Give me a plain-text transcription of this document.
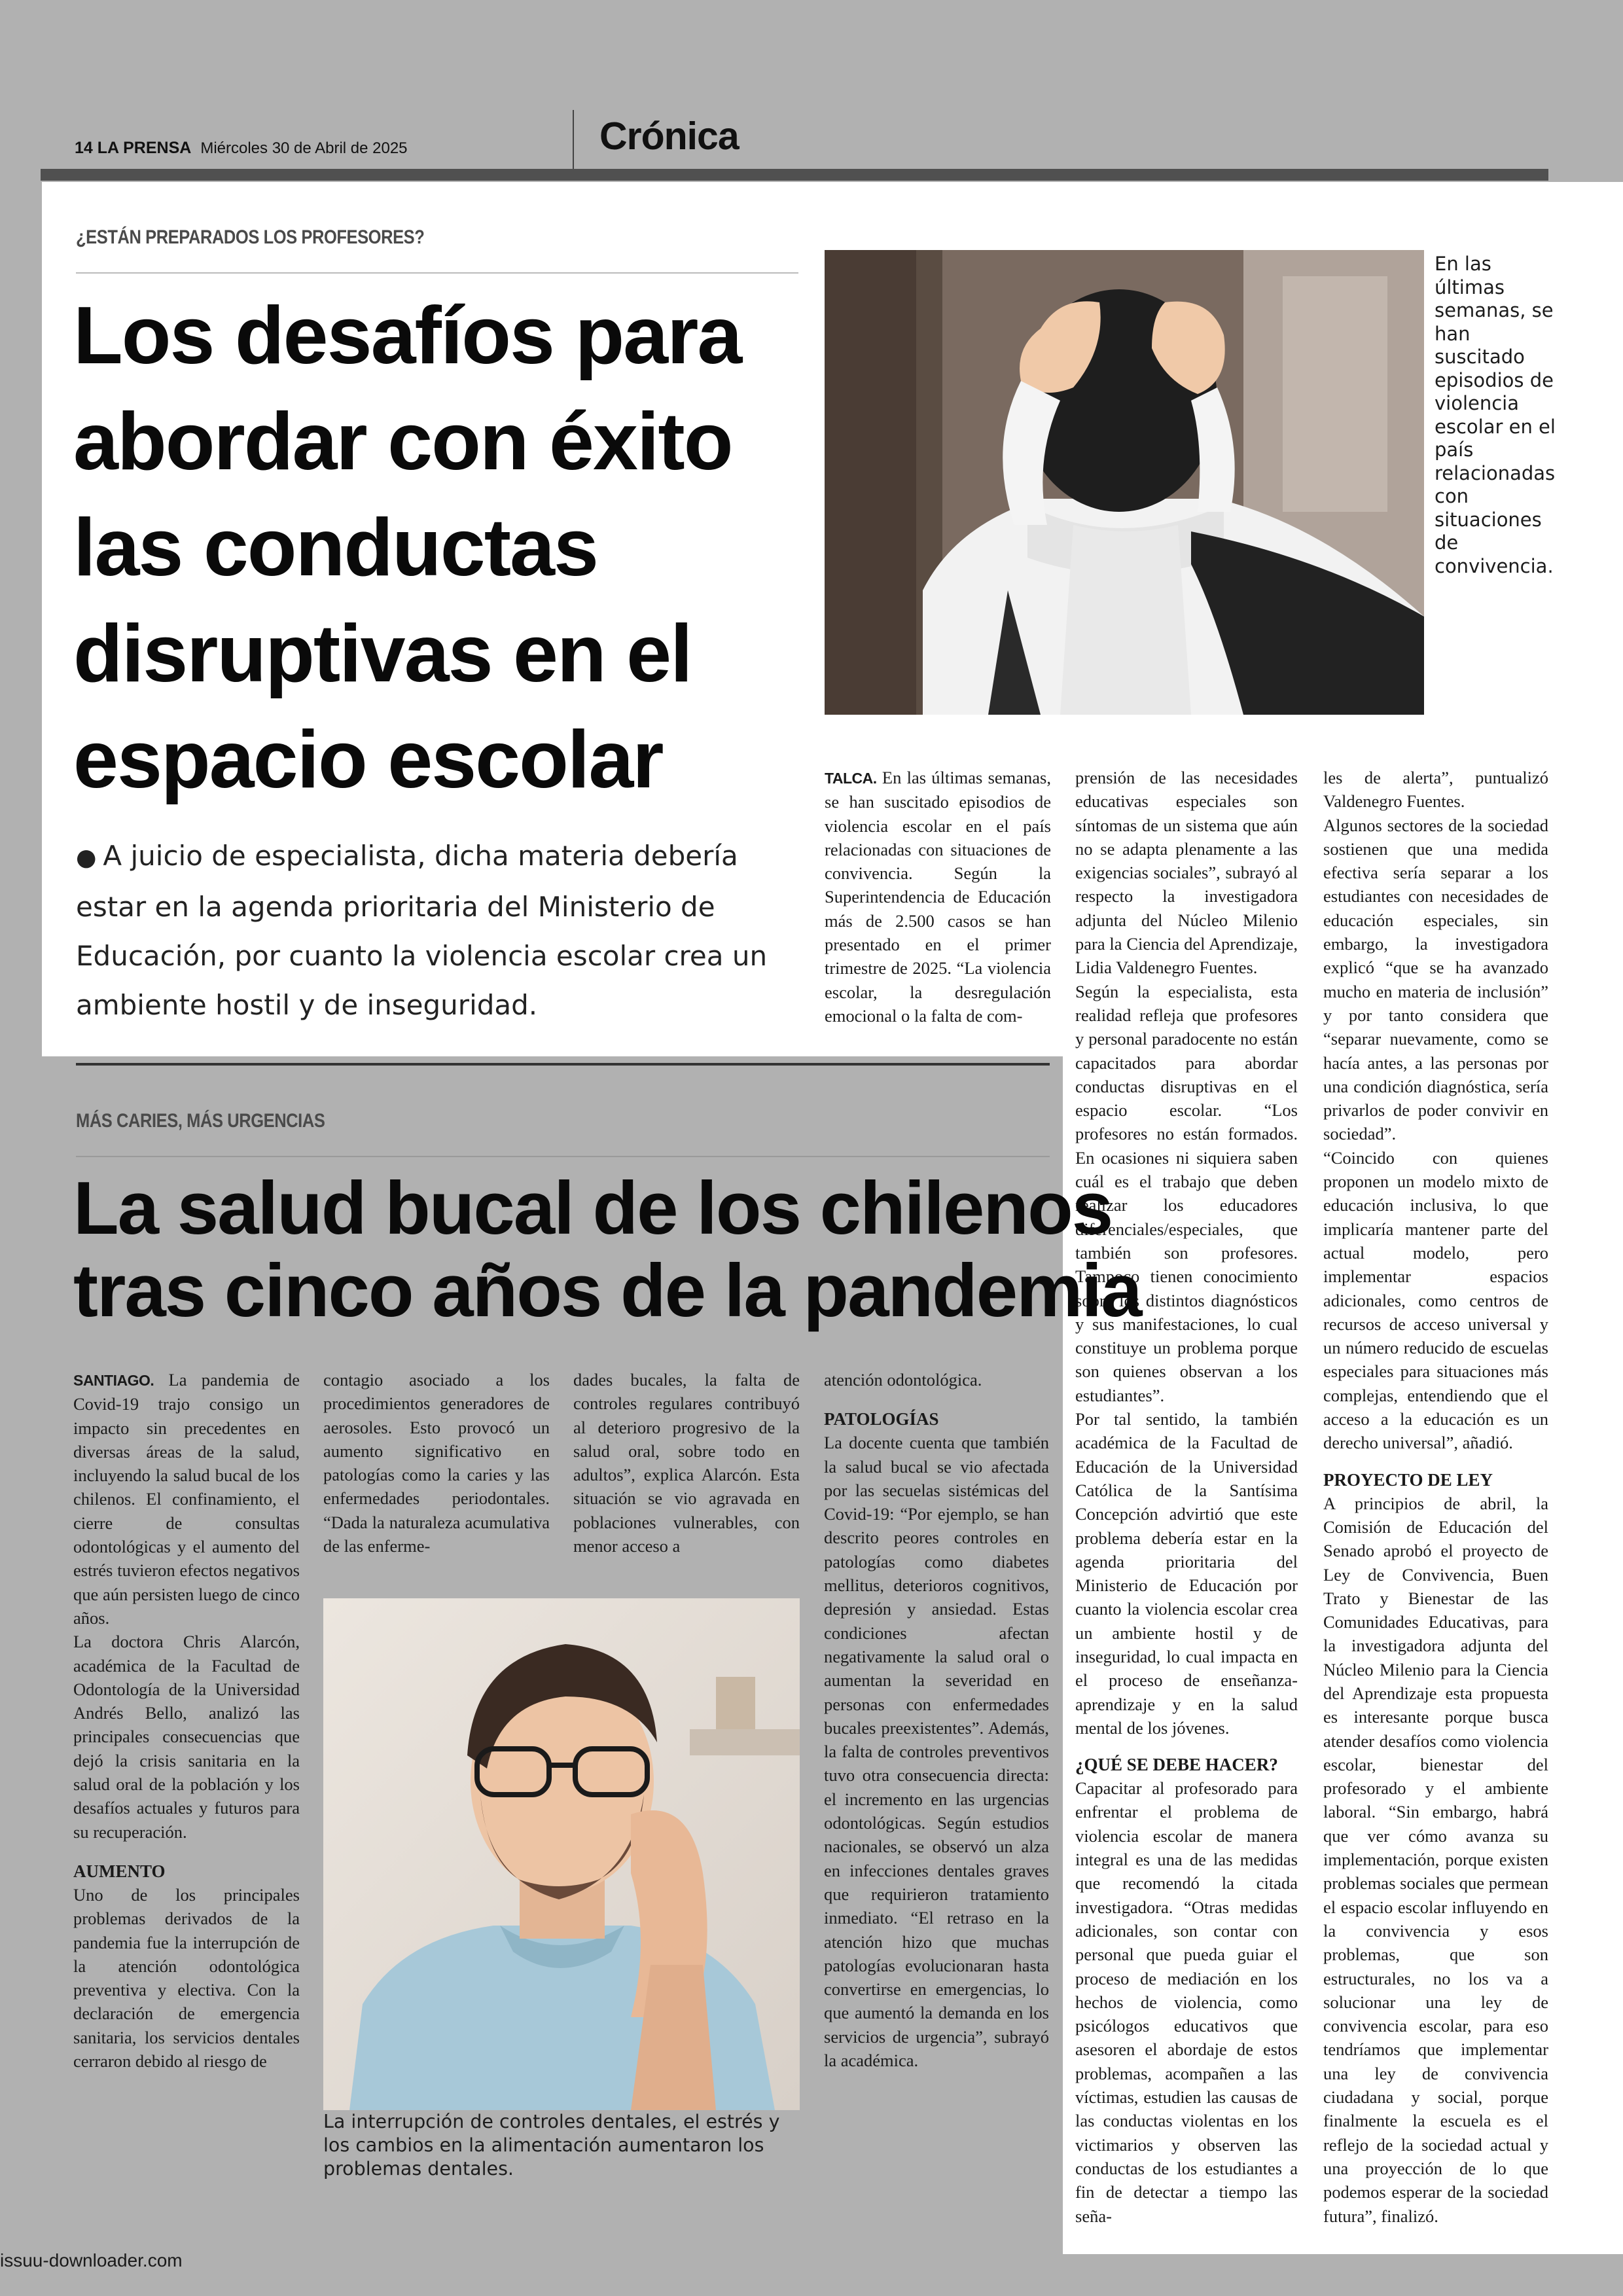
14 LA PRENSA Miércoles 30 de Abril de 2025	Crónica
¿ESTÁN PREPARADOS LOS PROFESORES?
Los desafíos para
abordar con éxito
las conductas
disruptivas en el
espacio escolar
● A juicio de especialista, dicha materia debería estar en la agenda prioritaria del Ministerio de Educación, por cuanto la violencia escolar crea un ambiente hostil y de inseguridad.
En las últimas semanas, se han suscitado episodios de violencia escolar en el país relacionadas con situaciones de convivencia.

TALCA. En las últimas semanas, se han suscitado episodios de violencia escolar en el país relacionadas con situaciones de convivencia. Según la Superintendencia de Educación más de 2.500 casos se han presentado en el primer trimestre de 2025. “La violencia escolar, la desregulación emocional o la falta de com-

prensión de las necesidades educativas especiales son síntomas de un sistema que aún no se adapta plenamente a las exigencias sociales”, subrayó al respecto la investigadora adjunta del Núcleo Milenio para la Ciencia del Aprendizaje, Lidia Valdenegro Fuentes.

Según la especialista, esta realidad refleja que profesores y personal paradocente no están capacitados para abordar conductas disruptivas en el espacio escolar. “Los profesores no están formados. En ocasiones ni siquiera saben cuál es el trabajo que deben realizar los educadores diferenciales/especiales, que también son profesores. Tampoco tienen conocimiento sobre los distintos diagnósticos y sus manifestaciones, lo cual constituye un problema porque son quienes observan a los estudiantes”.

Por tal sentido, la también académica de la Facultad de Educación de la Universidad Católica de la Santísima Concepción advirtió que este problema debería estar en la agenda prioritaria del Ministerio de Educación por cuanto la violencia escolar crea un ambiente hostil y de inseguridad, lo cual impacta en el proceso de enseñanza-aprendizaje y en la salud mental de los jóvenes.

¿QUÉ SE DEBE HACER?

Capacitar al profesorado para enfrentar el problema de violencia escolar de manera integral es una de las medidas que recomendó la citada investigadora. “Otras medidas adicionales, son contar con personal que pueda guiar el proceso de mediación en los hechos de violencia, como psicólogos educativos que asesoren el abordaje de estos problemas, acompañen a las víctimas, estudien las causas de las conductas violentas en los victimarios y observen las conductas de los estudiantes a fin de detectar a tiempo las seña-

les de alerta”, puntualizó Valdenegro Fuentes.

Algunos sectores de la sociedad sostienen que una medida efectiva sería separar a los estudiantes con necesidades de educación especiales, sin embargo, la investigadora explicó “que se ha avanzado mucho en materia de inclusión” y por tanto considera que “separar nuevamente, como se hacía antes, a las personas por una condición diagnóstica, sería privarlos de poder convivir en sociedad”.

“Coincido con quienes proponen un modelo mixto de educación inclusiva, lo que implicaría mantener parte del actual modelo, pero implementar espacios adicionales, como centros de recursos de acceso universal y un número reducido de escuelas especiales para situaciones más complejas, entendiendo que el acceso a la educación es un derecho universal”, añadió.

PROYECTO DE LEY

A principios de abril, la Comisión de Educación del Senado aprobó el proyecto de Ley de Convivencia, Buen Trato y Bienestar de las Comunidades Educativas, para la investigadora adjunta del Núcleo Milenio para la Ciencia del Aprendizaje esta propuesta es interesante porque busca atender desafíos como violencia escolar, bienestar del profesorado y el ambiente laboral. “Sin embargo, habrá que ver cómo avanza su implementación, porque existen problemas sociales que permean el espacio escolar influyendo en la convivencia y esos problemas, que son estructurales, no los va a solucionar una ley de convivencia escolar, para eso tendríamos que implementar una ley de convivencia ciudadana y social, porque finalmente la escuela es el reflejo de la sociedad actual y una proyección de lo que podemos esperar de la sociedad futura”, finalizó.

MÁS CARIES, MÁS URGENCIAS
La salud bucal de los chilenos
tras cinco años de la pandemia

SANTIAGO. La pandemia de Covid-19 trajo consigo un impacto sin precedentes en diversas áreas de la salud, incluyendo la salud bucal de los chilenos. El confinamiento, el cierre de consultas odontológicas y el aumento del estrés tuvieron efectos negativos que aún persisten luego de cinco años.

La doctora Chris Alarcón, académica de la Facultad de Odontología de la Universidad Andrés Bello, analizó las principales consecuencias que dejó la crisis sanitaria en la salud oral de la población y los desafíos actuales y futuros para su recuperación.

AUMENTO

Uno de los principales problemas derivados de la pandemia fue la interrupción de la atención odontológica preventiva y electiva. Con la declaración de emergencia sanitaria, los servicios dentales cerraron debido al riesgo de

contagio asociado a los procedimientos generadores de aerosoles. Esto provocó un aumento significativo en patologías como la caries y las enfermedades periodontales. “Dada la naturaleza acumulativa de las enferme-

dades bucales, la falta de controles regulares contribuyó al deterioro progresivo de la salud oral, sobre todo en adultos”, explica Alarcón. Esta situación se vio agravada en poblaciones vulnerables, con menor acceso a

atención odontológica.

PATOLOGÍAS

La docente cuenta que también la salud bucal se vio afectada por las secuelas sistémicas del Covid-19: “Por ejemplo, se han descrito peores controles en patologías como diabetes mellitus, deterioros cognitivos, depresión y ansiedad. Estas condiciones afectan negativamente la salud oral o aumentan la severidad en personas con enfermedades bucales preexistentes”. Además, la falta de controles preventivos tuvo otra consecuencia directa: el incremento en las urgencias odontológicas. Según estudios nacionales, se observó un alza en infecciones dentales graves que requirieron tratamiento inmediato. “El retraso en la atención hizo que muchas patologías evolucionaran hasta convertirse en emergencias, lo que aumentó la demanda en los servicios de urgencia”, subrayó la académica.

La interrupción de controles dentales, el estrés y los cambios en la alimentación aumentaron los problemas dentales.
issuu-downloader.com
